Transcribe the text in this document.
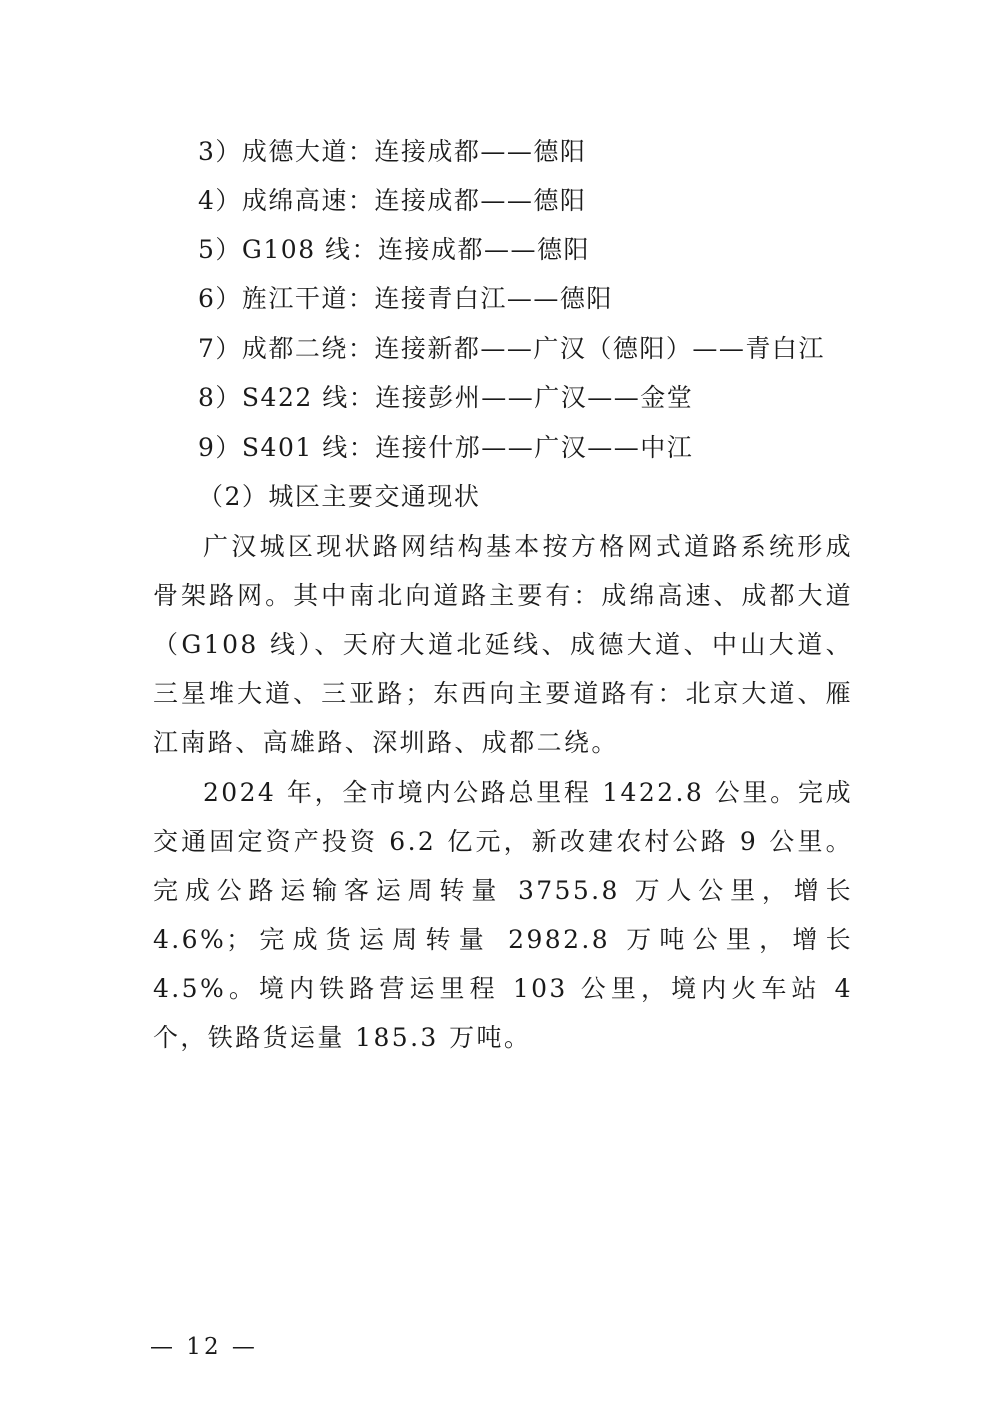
3）成德大道：连接成都——德阳
4）成绵高速：连接成都——德阳
5）G108 线：连接成都——德阳
6）旌江干道：连接青白江——德阳
7）成都二绕：连接新都——广汉（德阳）——青白江
8）S422 线：连接彭州——广汉——金堂
9）S401 线：连接什邡——广汉——中江
（2）城区主要交通现状

广汉城区现状路网结构基本按方格网式道路系统形成骨架路网。其中南北向道路主要有：成绵高速、成都大道（G108 线）、天府大道北延线、成德大道、中山大道、三星堆大道、三亚路；东西向主要道路有：北京大道、雁江南路、高雄路、深圳路、成都二绕。

2024 年，全市境内公路总里程 1422.8 公里。完成交通固定资产投资 6.2 亿元，新改建农村公路 9 公里。完成公路运输客运周转量 3755.8 万人公里，增长 4.6%；完成货运周转量 2982.8 万吨公里，增长 4.5%。境内铁路营运里程 103 公里，境内火车站 4 个，铁路货运量 185.3 万吨。

— 12 —
